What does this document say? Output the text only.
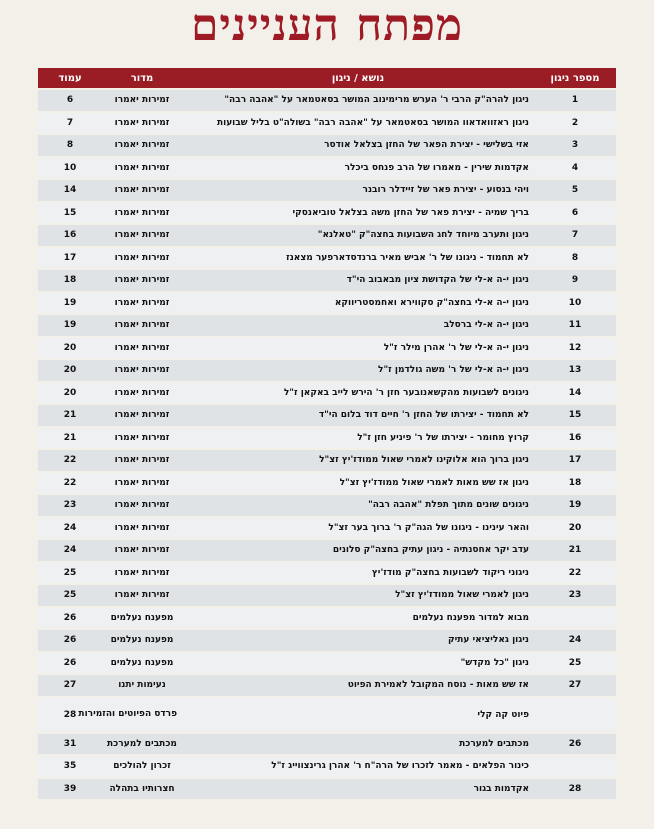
מפתח העניינים
מספר ניגון	נושא / ניגון	מדור	עמוד
1	ניגון להרה"ק הרבי ר' הערש מרימינוב המושר בסאטמאר על "אהבה רבה"	זמירות יאמרו	6
2	ניגון ראזוואדאוו המושר בסאטמאר על "אהבה רבה" בשולה"ט בליל שבועות	זמירות יאמרו	7
3	אזי בשלישי - יצירת הפאר של החזן בצלאל אודסר	זמירות יאמרו	8
4	אקדמות שירין - מאמרו של הרב פנחס ביכלר	זמירות יאמרו	10
5	ויהי בנסוע - יצירת פאר של זיידלר רובנר	זמירות יאמרו	14
6	בריך שמיה - יצירת פאר של החזן משה בצלאל טוביאנסקי	זמירות יאמרו	15
7	ניגון ותערב מיוחד לחג השבועות בחצה"ק "טאלנא"	זמירות יאמרו	16
8	לא תחמוד - ניגונו של ר' אביש מאיר ברנדסדארפער מצאנז	זמירות יאמרו	17
9	ניגון י-ה א-לי של הקדושת ציון מבאבוב הי"ד	זמירות יאמרו	18
10	ניגון י-ה א-לי בחצה"ק סקווירא ואחמסטריווקא	זמירות יאמרו	19
11	ניגון י-ה א-לי ברסלב	זמירות יאמרו	19
12	ניגון י-ה א-לי של ר' אהרן מילר ז"ל	זמירות יאמרו	20
13	ניגון י-ה א-לי של ר' משה גולדמן ז"ל	זמירות יאמרו	20
14	ניגונים לשבועות מהקשאנובער חזן ר' הירש לייב באקאן ז"ל	זמירות יאמרו	20
15	לא תחמוד - יצירתו של החזן ר' חיים דוד בלום הי"ד	זמירות יאמרו	21
16	קרוץ מחומר - יצירתו של ר' פיניע חזן ז"ל	זמירות יאמרו	21
17	ניגון ברוך הוא אלוקינו לאמרי שאול ממודז'יץ זצ"ל	זמירות יאמרו	22
18	ניגון אז שש מאות לאמרי שאול ממודז'יץ זצ"ל	זמירות יאמרו	22
19	ניגונים שונים מתוך תפלת "אהבה רבה"	זמירות יאמרו	23
20	והאר עינינו - ניגונו של הגה"ק ר' ברוך בער זצ"ל	זמירות יאמרו	24
21	עדב יקר אחסנתיה - ניגון עתיק בחצה"ק סלונים	זמירות יאמרו	24
22	ניגוני ריקוד לשבועות בחצה"ק מודז'יץ	זמירות יאמרו	25
23	ניגון לאמרי שאול ממודז'יץ זצ"ל	זמירות יאמרו	25
	מבוא למדור מפענח נעלמים	מפענח נעלמים	26
24	ניגון גאליציאי עתיק	מפענח נעלמים	26
25	ניגון "כל מקדש"	מפענח נעלמים	26
27	אז שש מאות - נוסח המקובל לאמירת הפיוט	נעימות יתנו	27
	פיוט קה קלי	פרדס הפיוטים והזמירות	28
26	מכתבים למערכת	מכתבים למערכת	31
	כינור הפלאים - מאמר לזכרו של הרה"ח ר' אהרן גרינצווייג ז"ל	זכרון להולכים	35
28	אקדמות בגור	חצרותיו בתהלה	39
